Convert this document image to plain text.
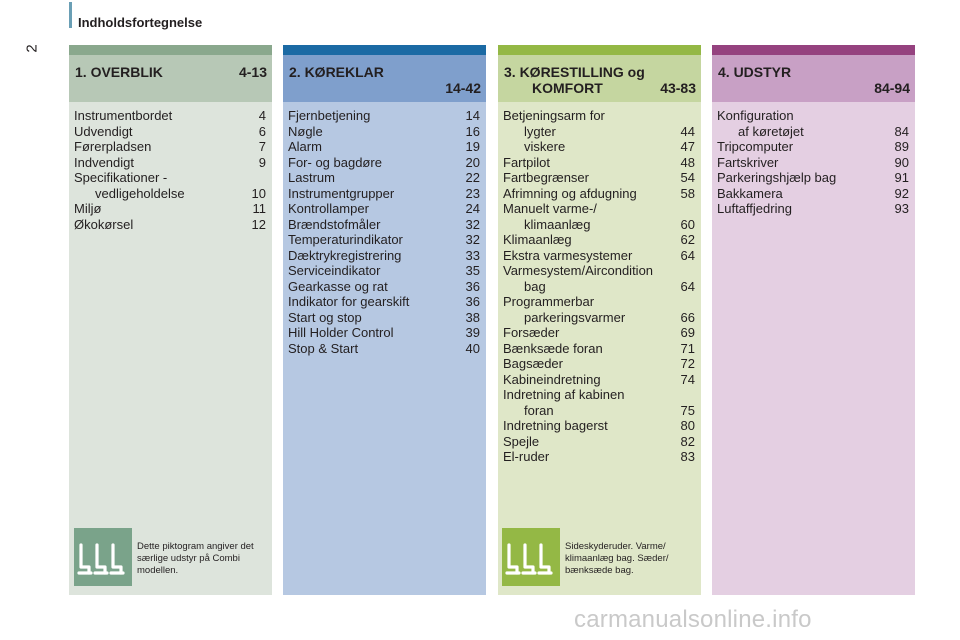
Indholdsfortegnelse
2
1. OVERBLIK	4-13
Instrumentbordet	4
Udvendigt	6
Førerpladsen	7
Indvendigt	9
Specifikationer -
vedligeholdelse	10
Miljø	11
Økokørsel	12
2. KØREKLAR
14-42
Fjernbetjening	14
Nøgle	16
Alarm	19
For- og bagdøre	20
Lastrum	22
Instrumentgrupper	23
Kontrollamper	24
Brændstofmåler	32
Temperaturindikator	32
Dæktrykregistrering	33
Serviceindikator	35
Gearkasse og rat	36
Indikator for gearskift	36
Start og stop	38
Hill Holder Control	39
Stop & Start	40
3. KØRESTILLING og
KOMFORT	43-83
Betjeningsarm for
lygter	44
viskere	47
Fartpilot	48
Fartbegrænser	54
Afrimning og afdugning	58
Manuelt varme-/
klimaanlæg	60
Klimaanlæg	62
Ekstra varmesystemer	64
Varmesystem/Aircondition
bag	64
Programmerbar
parkeringsvarmer	66
Forsæder	69
Bænksæde foran	71
Bagsæder	72
Kabineindretning	74
Indretning af kabinen
foran	75
Indretning bagerst	80
Spejle	82
El-ruder	83
4. UDSTYR
84-94
Konfiguration
af køretøjet	84
Tripcomputer	89
Fartskriver	90
Parkeringshjælp bag	91
Bakkamera	92
Luftaffjedring	93
Dette piktogram angiver det særlige udstyr på Combi modellen.
Sideskyderuder. Varme/ klimaanlæg bag. Sæder/ bænksæde bag.
carmanualsonline.info
